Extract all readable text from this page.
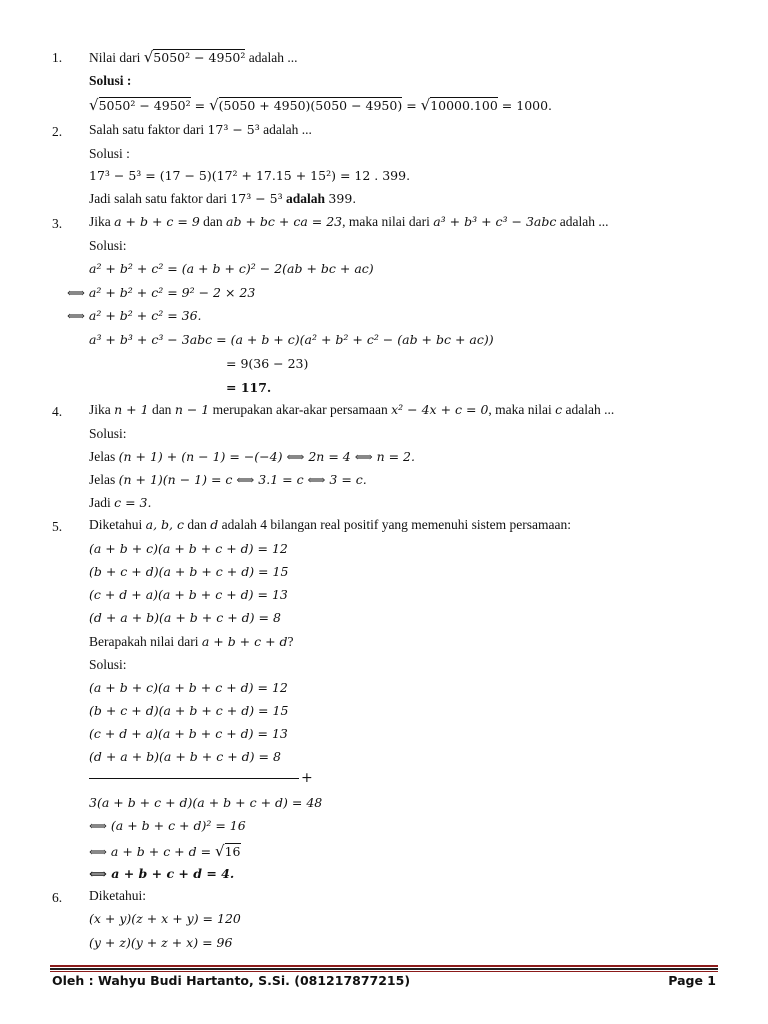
1. Nilai dari √5050² − 4950² adalah ...
Solusi :
√5050² − 4950² = √(5050 + 4950)(5050 − 4950) = √10000.100 = 1000.
2. Salah satu faktor dari 17³ − 5³ adalah ...
Solusi :
17³ − 5³ = (17 − 5)(17² + 17.15 + 15²) = 12 . 399.
Jadi salah satu faktor dari 17³ − 5³ adalah 399.
3. Jika a + b + c = 9 dan ab + bc + ca = 23, maka nilai dari a³ + b³ + c³ − 3abc adalah ...
Solusi:
a² + b² + c² = (a + b + c)² − 2(ab + bc + ac)
⟺ a² + b² + c² = 9² − 2 × 23
⟺ a² + b² + c² = 36.
a³ + b³ + c³ − 3abc = (a + b + c)(a² + b² + c² − (ab + bc + ac))
= 9(36 − 23)
= 117.
4. Jika n + 1 dan n − 1 merupakan akar-akar persamaan x² − 4x + c = 0, maka nilai c adalah ...
Solusi:
Jelas (n + 1) + (n − 1) = −(−4) ⟺ 2n = 4 ⟺ n = 2.
Jelas (n + 1)(n − 1) = c ⟺ 3.1 = c ⟺ 3 = c.
Jadi c = 3.
5. Diketahui a, b, c dan d adalah 4 bilangan real positif yang memenuhi sistem persamaan:
(a + b + c)(a + b + c + d) = 12
(b + c + d)(a + b + c + d) = 15
(c + d + a)(a + b + c + d) = 13
(d + a + b)(a + b + c + d) = 8
Berapakah nilai dari a + b + c + d?
Solusi:
(a + b + c)(a + b + c + d) = 12
(b + c + d)(a + b + c + d) = 15
(c + d + a)(a + b + c + d) = 13
(d + a + b)(a + b + c + d) = 8
+
3(a + b + c + d)(a + b + c + d) = 48
⟺ (a + b + c + d)² = 16
⟺ a + b + c + d = √16
⟺ a + b + c + d = 4.
6. Diketahui:
(x + y)(z + x + y) = 120
(y + z)(y + z + x) = 96
Oleh : Wahyu Budi Hartanto, S.Si. (081217877215)	Page 1
